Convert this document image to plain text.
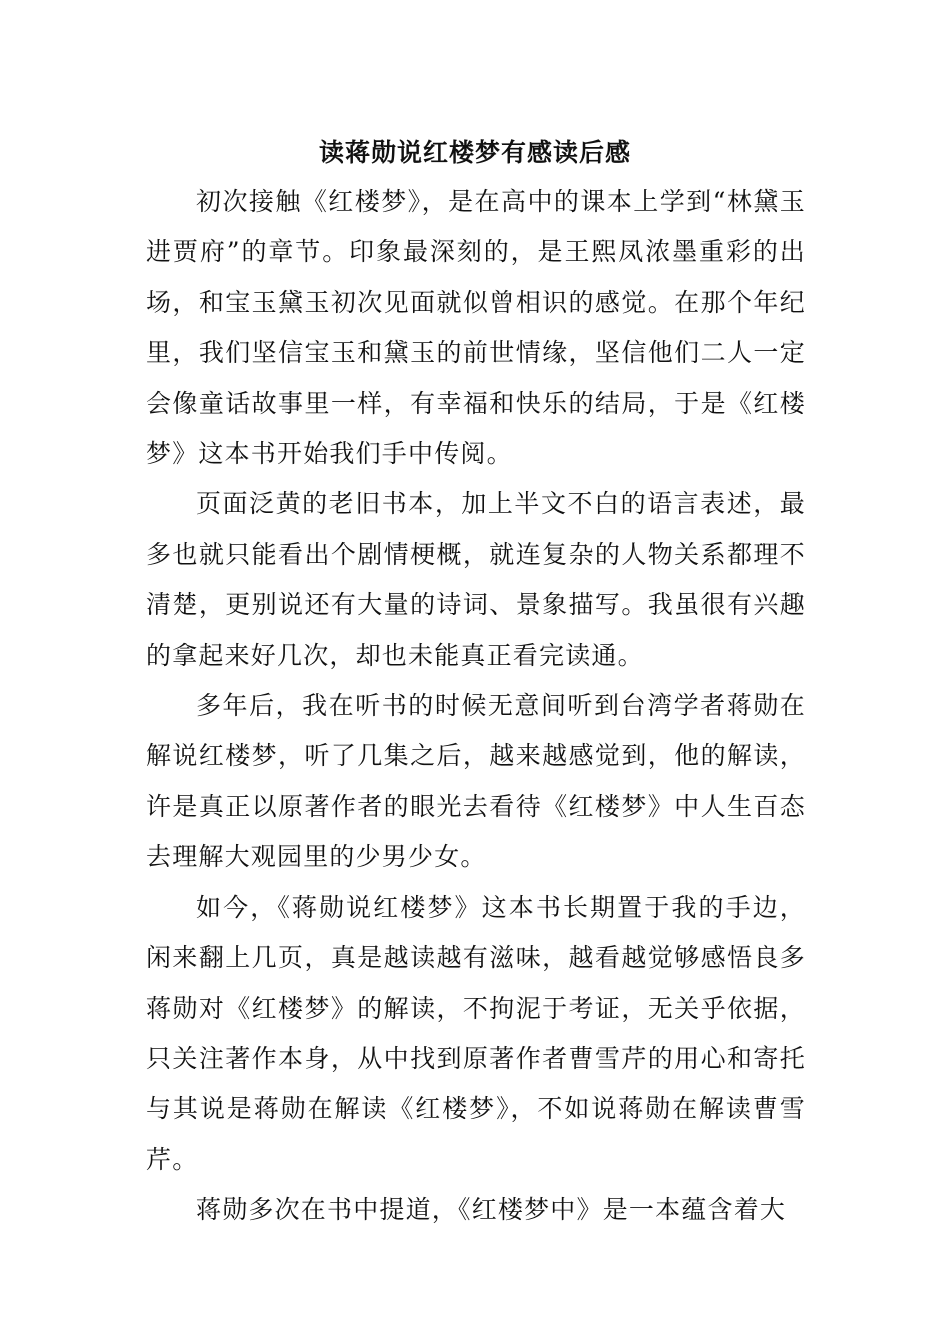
读蒋勋说红楼梦有感读后感

初次接触《红楼梦》，是在高中的课本上学到“林黛玉进贾府”的章节。印象最深刻的，是王熙凤浓墨重彩的出场，和宝玉黛玉初次见面就似曾相识的感觉。在那个年纪里，我们坚信宝玉和黛玉的前世情缘，坚信他们二人一定会像童话故事里一样，有幸福和快乐的结局，于是《红楼梦》这本书开始我们手中传阅。

页面泛黄的老旧书本，加上半文不白的语言表述，最多也就只能看出个剧情梗概，就连复杂的人物关系都理不清楚，更别说还有大量的诗词、景象描写。我虽很有兴趣的拿起来好几次，却也未能真正看完读通。

多年后，我在听书的时候无意间听到台湾学者蒋勋在解说红楼梦，听了几集之后，越来越感觉到，他的解读，许是真正以原著作者的眼光去看待《红楼梦》中人生百态去理解大观园里的少男少女。

如今，《蒋勋说红楼梦》这本书长期置于我的手边，闲来翻上几页，真是越读越有滋味，越看越觉够感悟良多蒋勋对《红楼梦》的解读，不拘泥于考证，无关乎依据，只关注著作本身，从中找到原著作者曹雪芹的用心和寄托与其说是蒋勋在解读《红楼梦》，不如说蒋勋在解读曹雪芹。

蒋勋多次在书中提道，《红楼梦中》是一本蕴含着大
